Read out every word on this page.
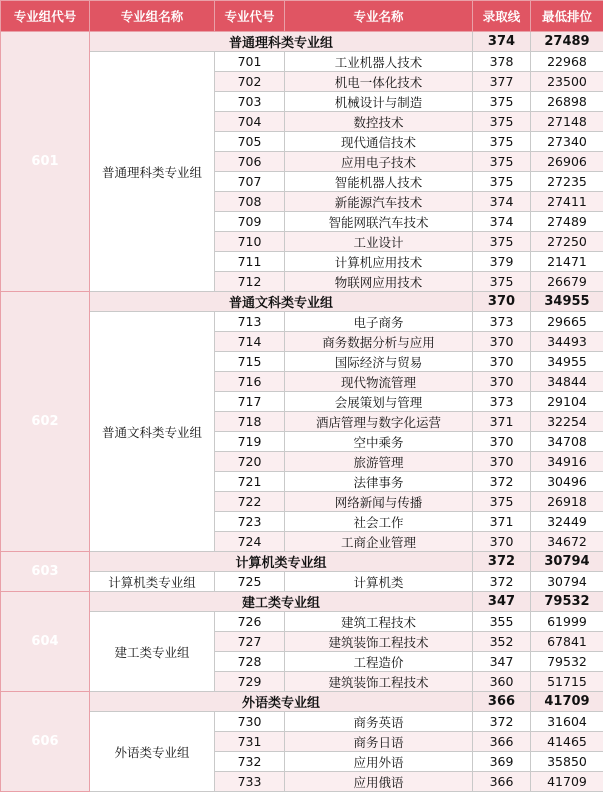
专业组代号	专业组名称	专业代号	专业名称	录取线	最低排位
601	普通理科类专业组			374	27489
	普通理科类专业组	701	工业机器人技术	378	22968
		702	机电一体化技术	377	23500
		703	机械设计与制造	375	26898
		704	数控技术	375	27148
		705	现代通信技术	375	27340
		706	应用电子技术	375	26906
		707	智能机器人技术	375	27235
		708	新能源汽车技术	374	27411
		709	智能网联汽车技术	374	27489
		710	工业设计	375	27250
		711	计算机应用技术	379	21471
		712	物联网应用技术	375	26679
602	普通文科类专业组			370	34955
	普通文科类专业组	713	电子商务	373	29665
		714	商务数据分析与应用	370	34493
		715	国际经济与贸易	370	34955
		716	现代物流管理	370	34844
		717	会展策划与管理	373	29104
		718	酒店管理与数字化运营	371	32254
		719	空中乘务	370	34708
		720	旅游管理	370	34916
		721	法律事务	372	30496
		722	网络新闻与传播	375	26918
		723	社会工作	371	32449
		724	工商企业管理	370	34672
603	计算机类专业组			372	30794
	计算机类专业组	725	计算机类	372	30794
604	建工类专业组			347	79532
	建工类专业组	726	建筑工程技术	355	61999
		727	建筑装饰工程技术	352	67841
		728	工程造价	347	79532
		729	建筑装饰工程技术	360	51715
606	外语类专业组			366	41709
	外语类专业组	730	商务英语	372	31604
		731	商务日语	366	41465
		732	应用外语	369	35850
		733	应用俄语	366	41709
